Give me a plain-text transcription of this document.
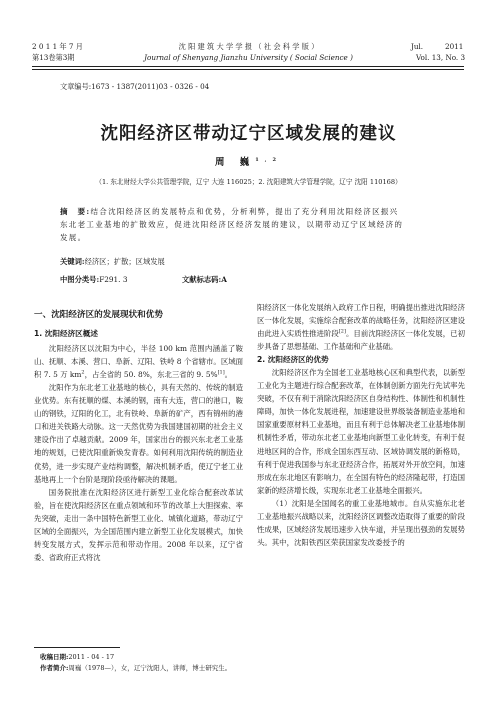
2 0 1 1 年 7 月
第13卷第3期
沈 阳 建 筑 大 学 学 报 （ 社 会 科 学 版 ）
Journal of Shenyang Jianzhu University ( Social Science )
Jul.	2011
Vol. 13, No. 3
文章编号:1673 - 1387(2011)03 - 0326 - 04
沈阳经济区带动辽宁区域发展的建议
周 巍$^{1,2}$
（1. 东北财经大学公共管理学院，辽宁 大连 116025；2. 沈阳建筑大学管理学院，辽宁 沈阳 110168）
摘　要:结合沈阳经济区的发展特点和优势，分析利弊，提出了充分利用沈阳经济区振兴
东北老工业基地的扩散效应，促进沈阳经济区经济发展的建议，以期带动辽宁区域经济的
发展。
关键词:经济区；扩散；区域发展
中图分类号:F291. 3	文献标志码:A
一、沈阳经济区的发展现状和优势
1. 沈阳经济区概述

沈阳经济区以沈阳为中心，半径 100 km 范围内涵盖了鞍山、抚顺、本溪、营口、阜新、辽阳、铁岭 8 个省辖市。区域面积 7. 5 万 $km^2$，占全省的 50. 8%，东北三省的 9. 5%[1]。

沈阳作为东北老工业基地的核心，具有天然的、传统的制造业优势。东有抚顺的煤、本溪的钢，南有大连，营口的港口，鞍山的钢铁，辽阳的化工，北有铁岭、阜新的矿产，西有锦州的港口和进关铁路大动脉。这一天然优势为我国建国初期的社会主义建设作出了卓越贡献。2009 年，国家出台的振兴东北老工业基地的规划，已使沈阳重新焕发青春。如何利用沈阳传统的制造业优势，进一步实现产业结构调整，解决机制矛盾，使辽宁老工业基地再上一个台阶是现阶段亟待解决的课题。

国务院批准在沈阳经济区进行新型工业化综合配套改革试验，旨在使沈阳经济区在重点领域和环节的改革上大胆探索、率先突破，走出一条中国特色新型工业化、城镇化道路，带动辽宁区域的全面振兴，为全国范围内建立新型工业化发展模式，加快转变发展方式，发挥示范和带动作用。2008 年以来，辽宁省委、省政府正式将沈

阳经济区一体化发展纳入政府工作日程，明确提出推进沈阳经济区一体化发展，实施综合配套改革的战略任务，沈阳经济区建设由此进入实质性推进阶段[2]。目前沈阳经济区一体化发展，已初步具备了思想基础、工作基础和产业基础。

2. 沈阳经济区的优势

沈阳经济区作为全国老工业基地核心区和典型代表，以新型工业化为主题进行综合配套改革，在体制创新方面先行先试率先突破，不仅有利于消除沈阳经济区自身结构性、体制性和机制性障碍，加快一体化发展进程，加速建设世界级装备制造业基地和国家重要原材料工业基地，而且有利于总体解决老工业基地体制机制性矛盾，带动东北老工业基地向新型工业化转变，有利于促进地区间的合作，形成全国东西互动、区域协调发展的新格局，有利于促进我国参与东北亚经济合作，拓展对外开放空间，加速形成在东北地区有影响力，在全国有特色的经济隆起带，打造国家新的经济增长级，实现东北老工业基地全面振兴。

（1）沈阳是全国闻名的重工业基地城市。自从实施东北老工业基地振兴战略以来，沈阳经济区调整改造取得了重要的阶段性成果，区域经济发展迅速步入快车道，并呈现出强劲的发展势头。其中，沈阳铁西区荣获国家发改委授予的

收稿日期:2011 - 04 - 17
作者简介:周巍（1978—），女，辽宁沈阳人，讲师，博士研究生。
